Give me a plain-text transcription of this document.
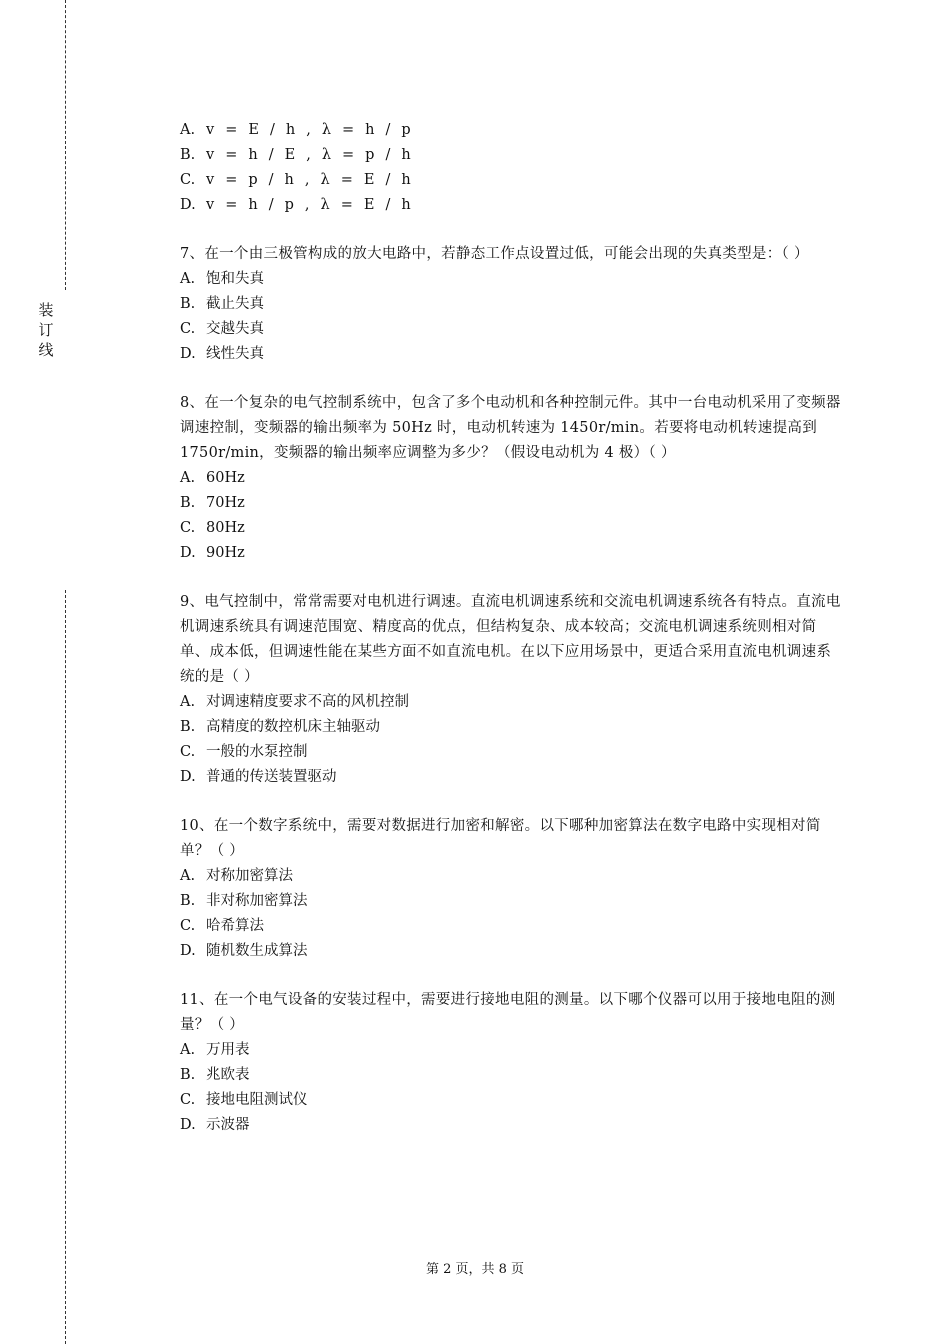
装
订
线
A. v = E / h , λ = h / p
B. v = h / E , λ = p / h
C. v = p / h , λ = E / h
D. v = h / p , λ = E / h
7、在一个由三极管构成的放大电路中，若静态工作点设置过低，可能会出现的失真类型是：（ ）
A. 饱和失真
B. 截止失真
C. 交越失真
D. 线性失真
8、在一个复杂的电气控制系统中，包含了多个电动机和各种控制元件。其中一台电动机采用了变频器调速控制，变频器的输出频率为 50Hz 时，电动机转速为 1450r/min。若要将电动机转速提高到 1750r/min，变频器的输出频率应调整为多少？（假设电动机为 4 极）（ ）
A. 60Hz
B. 70Hz
C. 80Hz
D. 90Hz
9、电气控制中，常常需要对电机进行调速。直流电机调速系统和交流电机调速系统各有特点。直流电机调速系统具有调速范围宽、精度高的优点，但结构复杂、成本较高；交流电机调速系统则相对简单、成本低，但调速性能在某些方面不如直流电机。在以下应用场景中，更适合采用直流电机调速系统的是（ ）
A. 对调速精度要求不高的风机控制
B. 高精度的数控机床主轴驱动
C. 一般的水泵控制
D. 普通的传送装置驱动
10、在一个数字系统中，需要对数据进行加密和解密。以下哪种加密算法在数字电路中实现相对简单？（ ）
A. 对称加密算法
B. 非对称加密算法
C. 哈希算法
D. 随机数生成算法
11、在一个电气设备的安装过程中，需要进行接地电阻的测量。以下哪个仪器可以用于接地电阻的测量？（ ）
A. 万用表
B. 兆欧表
C. 接地电阻测试仪
D. 示波器
第 2 页，共 8 页
